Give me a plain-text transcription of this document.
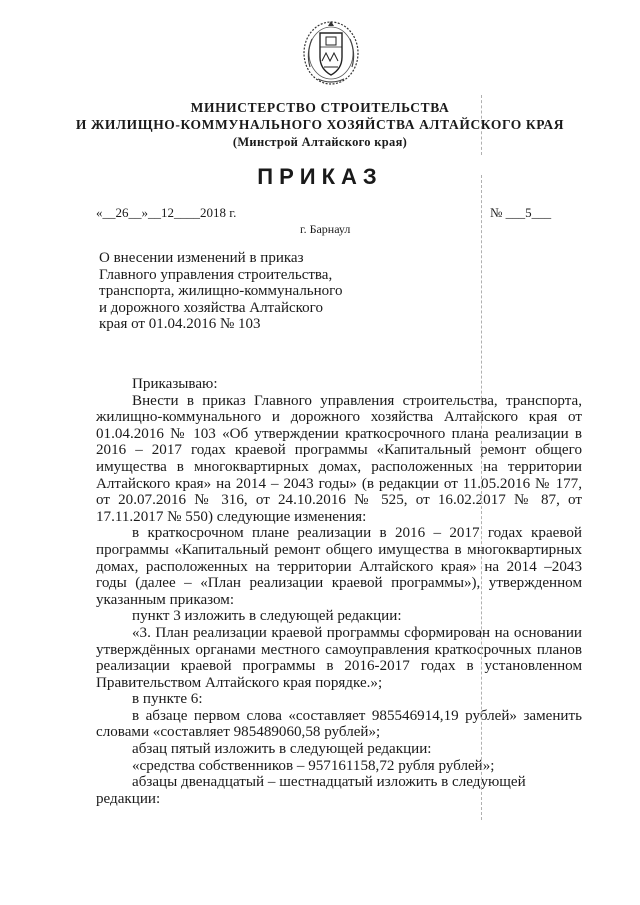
МИНИСТЕРСТВО СТРОИТЕЛЬСТВА
И ЖИЛИЩНО-КОММУНАЛЬНОГО ХОЗЯЙСТВА АЛТАЙСКОГО КРАЯ
(Минстрой Алтайского края)
ПРИКАЗ
«__26__»__12____2018 г.	№ ___5___
г. Барнаул
О внесении изменений в приказ
Главного управления строительства,
транспорта, жилищно-коммунального
и дорожного хозяйства Алтайского
края от 01.04.2016 № 103

Приказываю:

Внести в приказ Главного управления строительства, транспорта, жилищно-коммунального и дорожного хозяйства Алтайского края от 01.04.2016 № 103 «Об утверждении краткосрочного плана реализации в 2016 – 2017 годах краевой программы «Капитальный ремонт общего имущества в многоквартирных домах, расположенных на территории Алтайского края» на 2014 – 2043 годы» (в редакции от 11.05.2016 № 177, от 20.07.2016 № 316, от 24.10.2016 № 525, от 16.02.2017 № 87, от 17.11.2017 № 550) следующие изменения:

в краткосрочном плане реализации в 2016 – 2017 годах краевой программы «Капитальный ремонт общего имущества в многоквартирных домах, расположенных на территории Алтайского края» на 2014 –2043 годы (далее – «План реализации краевой программы»), утвержденном указанным приказом:

пункт 3 изложить в следующей редакции:

«3. План реализации краевой программы сформирован на основании утверждённых органами местного самоуправления краткосрочных планов реализации краевой программы в 2016-2017 годах в установленном Правительством Алтайского края порядке.»;

в пункте 6:

в абзаце первом слова «составляет 985546914,19 рублей» заменить словами «составляет 985489060,58 рублей»;

абзац пятый изложить в следующей редакции:

«средства собственников – 957161158,72 рубля рублей»;

абзацы двенадцатый – шестнадцатый изложить в следующей редакции:
